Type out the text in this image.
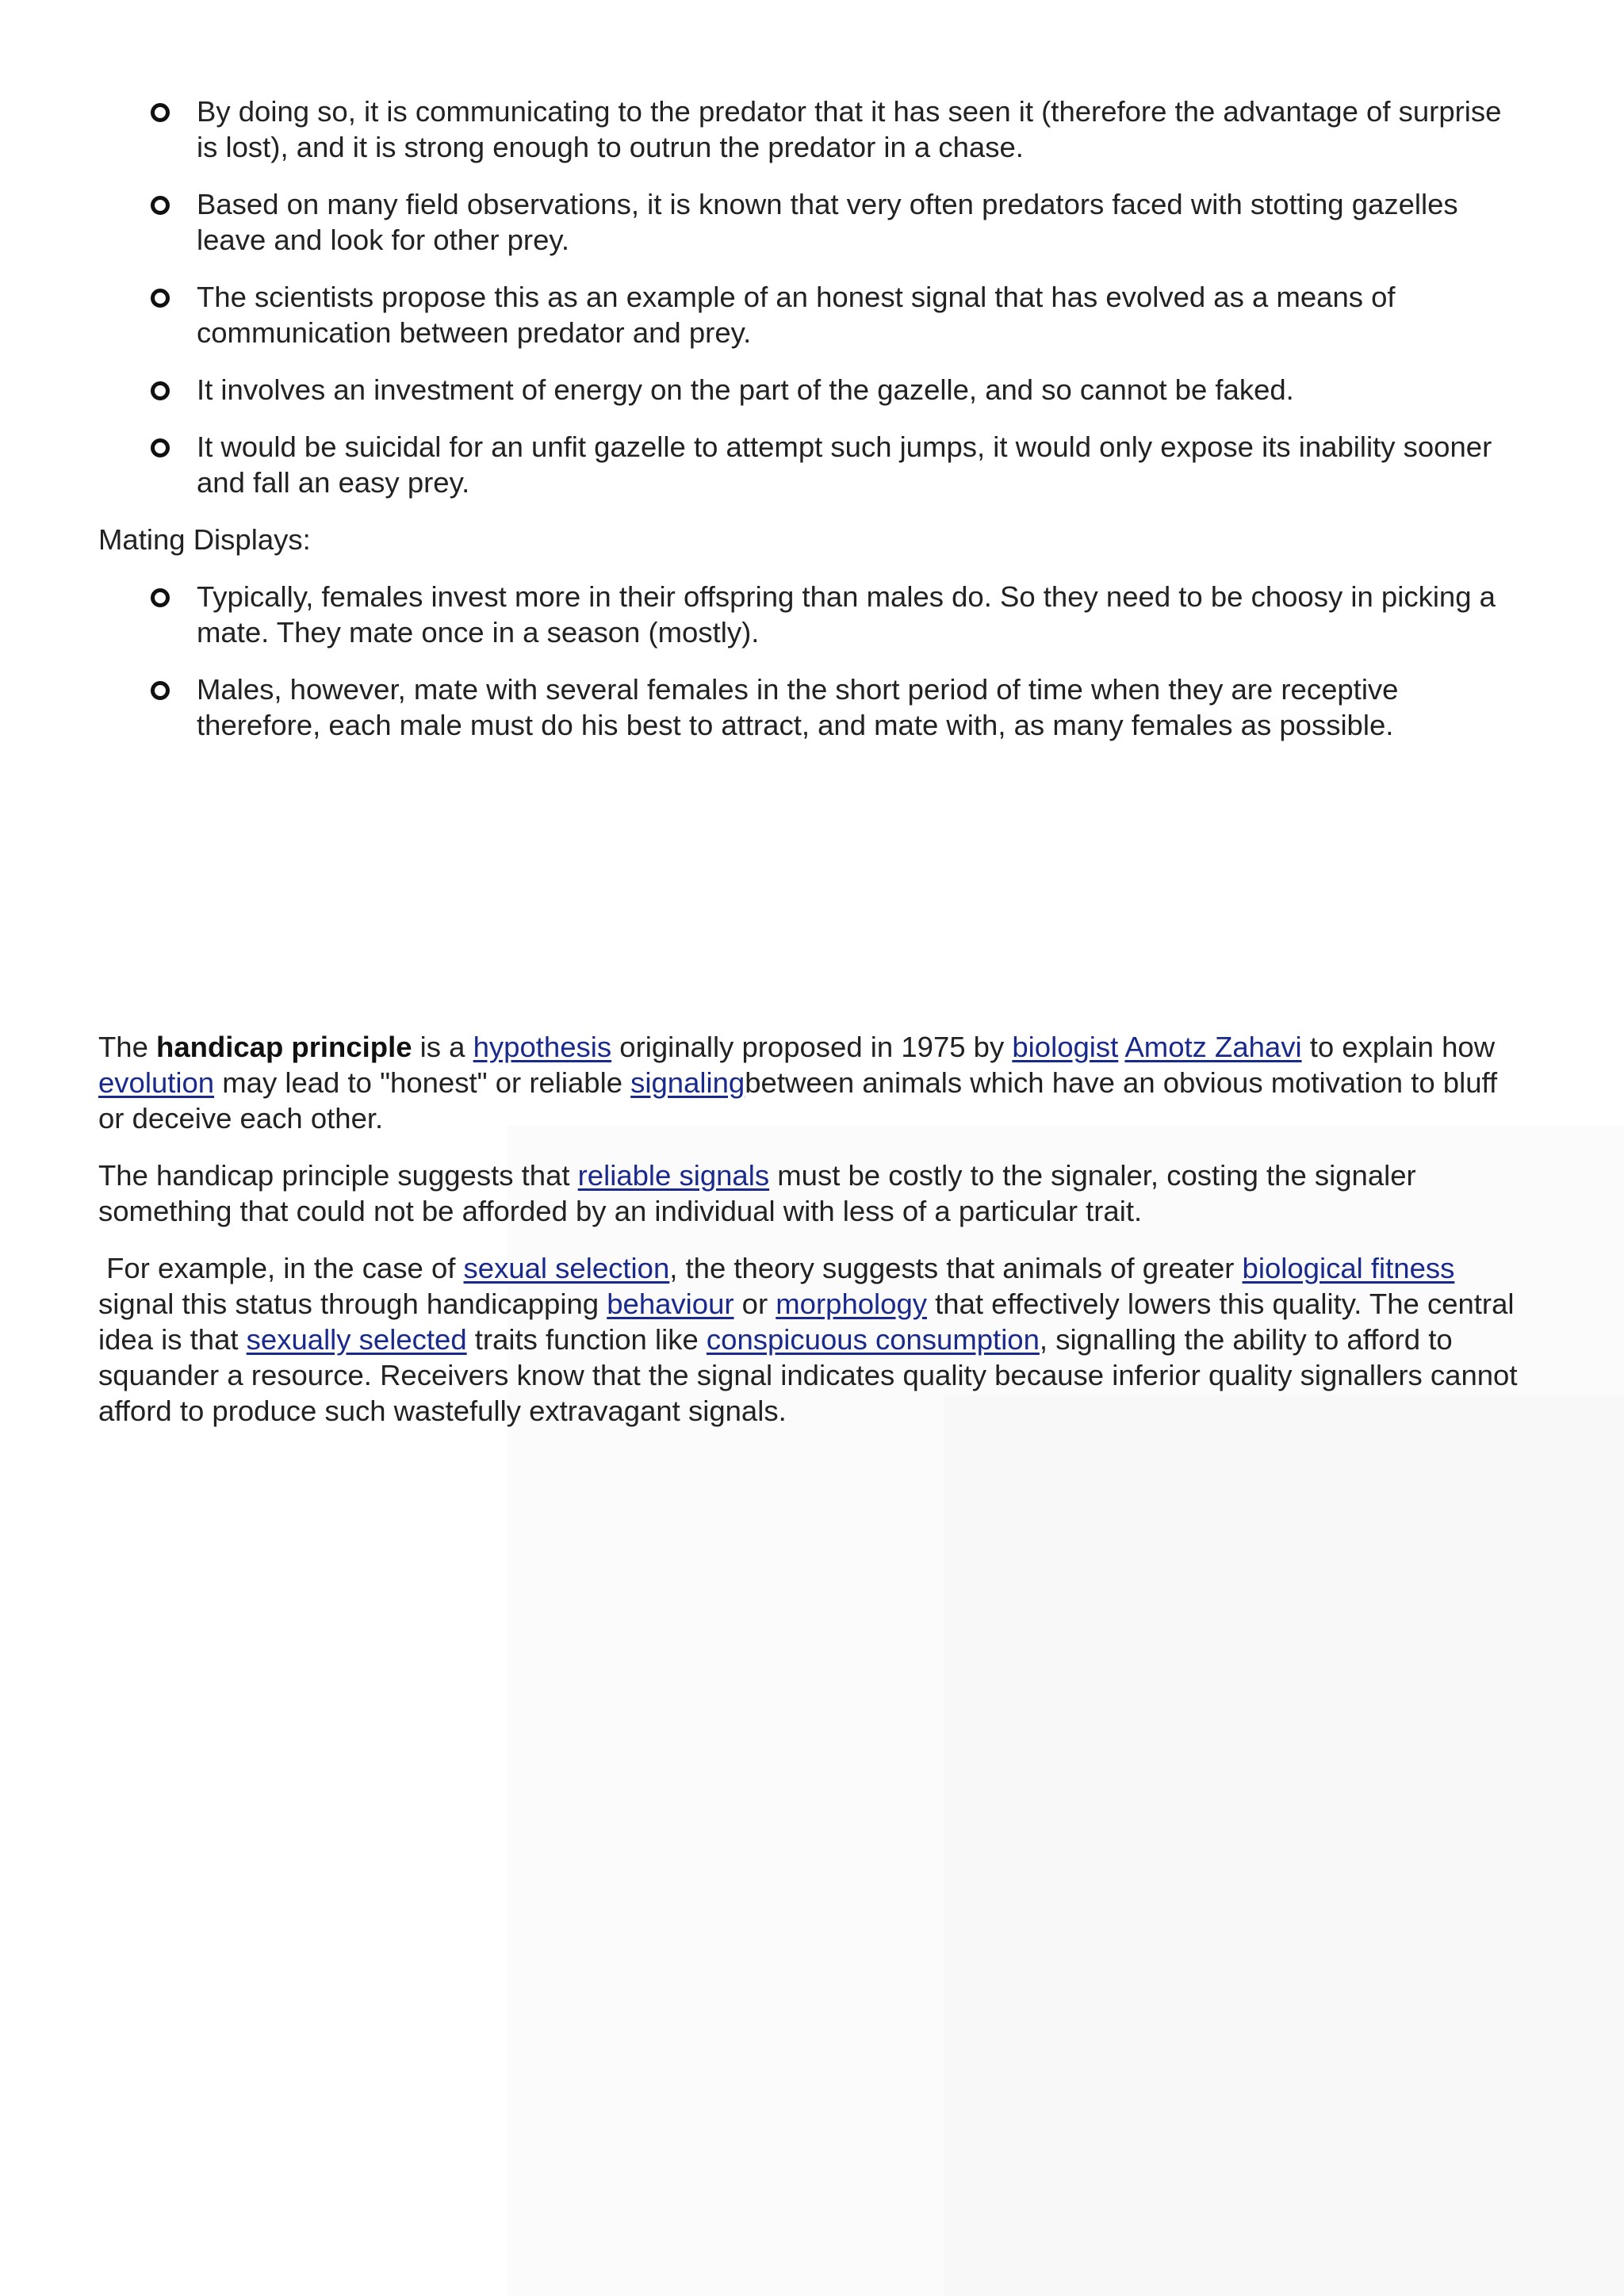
By doing so, it is communicating to the predator that it has seen it (therefore the advantage of surprise is lost), and it is strong enough to outrun the predator in a chase.
Based on many field observations, it is known that very often predators faced with stotting gazelles leave and look for other prey.
The scientists propose this as an example of an honest signal that has evolved as a means of communication between predator and prey.
It involves an investment of energy on the part of the gazelle, and so cannot be faked.
It would be suicidal for an unfit gazelle to attempt such jumps, it would only expose its inability sooner and fall an easy prey.
Mating Displays:
Typically, females invest more in their offspring than males do. So they need to be choosy in picking a mate. They mate once in a season (mostly).
Males, however, mate with several females in the short period of time when they are receptive therefore, each male must do his best to attract, and mate with, as many females as possible.

The handicap principle is a hypothesis originally proposed in 1975 by biologist Amotz Zahavi to explain how evolution may lead to "honest" or reliable signalingbetween animals which have an obvious motivation to bluff or deceive each other.

The handicap principle suggests that reliable signals must be costly to the signaler, costing the signaler something that could not be afforded by an individual with less of a particular trait.

For example, in the case of sexual selection, the theory suggests that animals of greater biological fitness signal this status through handicapping behaviour or morphology that effectively lowers this quality. The central idea is that sexually selected traits function like conspicuous consumption, signalling the ability to afford to squander a resource. Receivers know that the signal indicates quality because inferior quality signallers cannot afford to produce such wastefully extravagant signals.
